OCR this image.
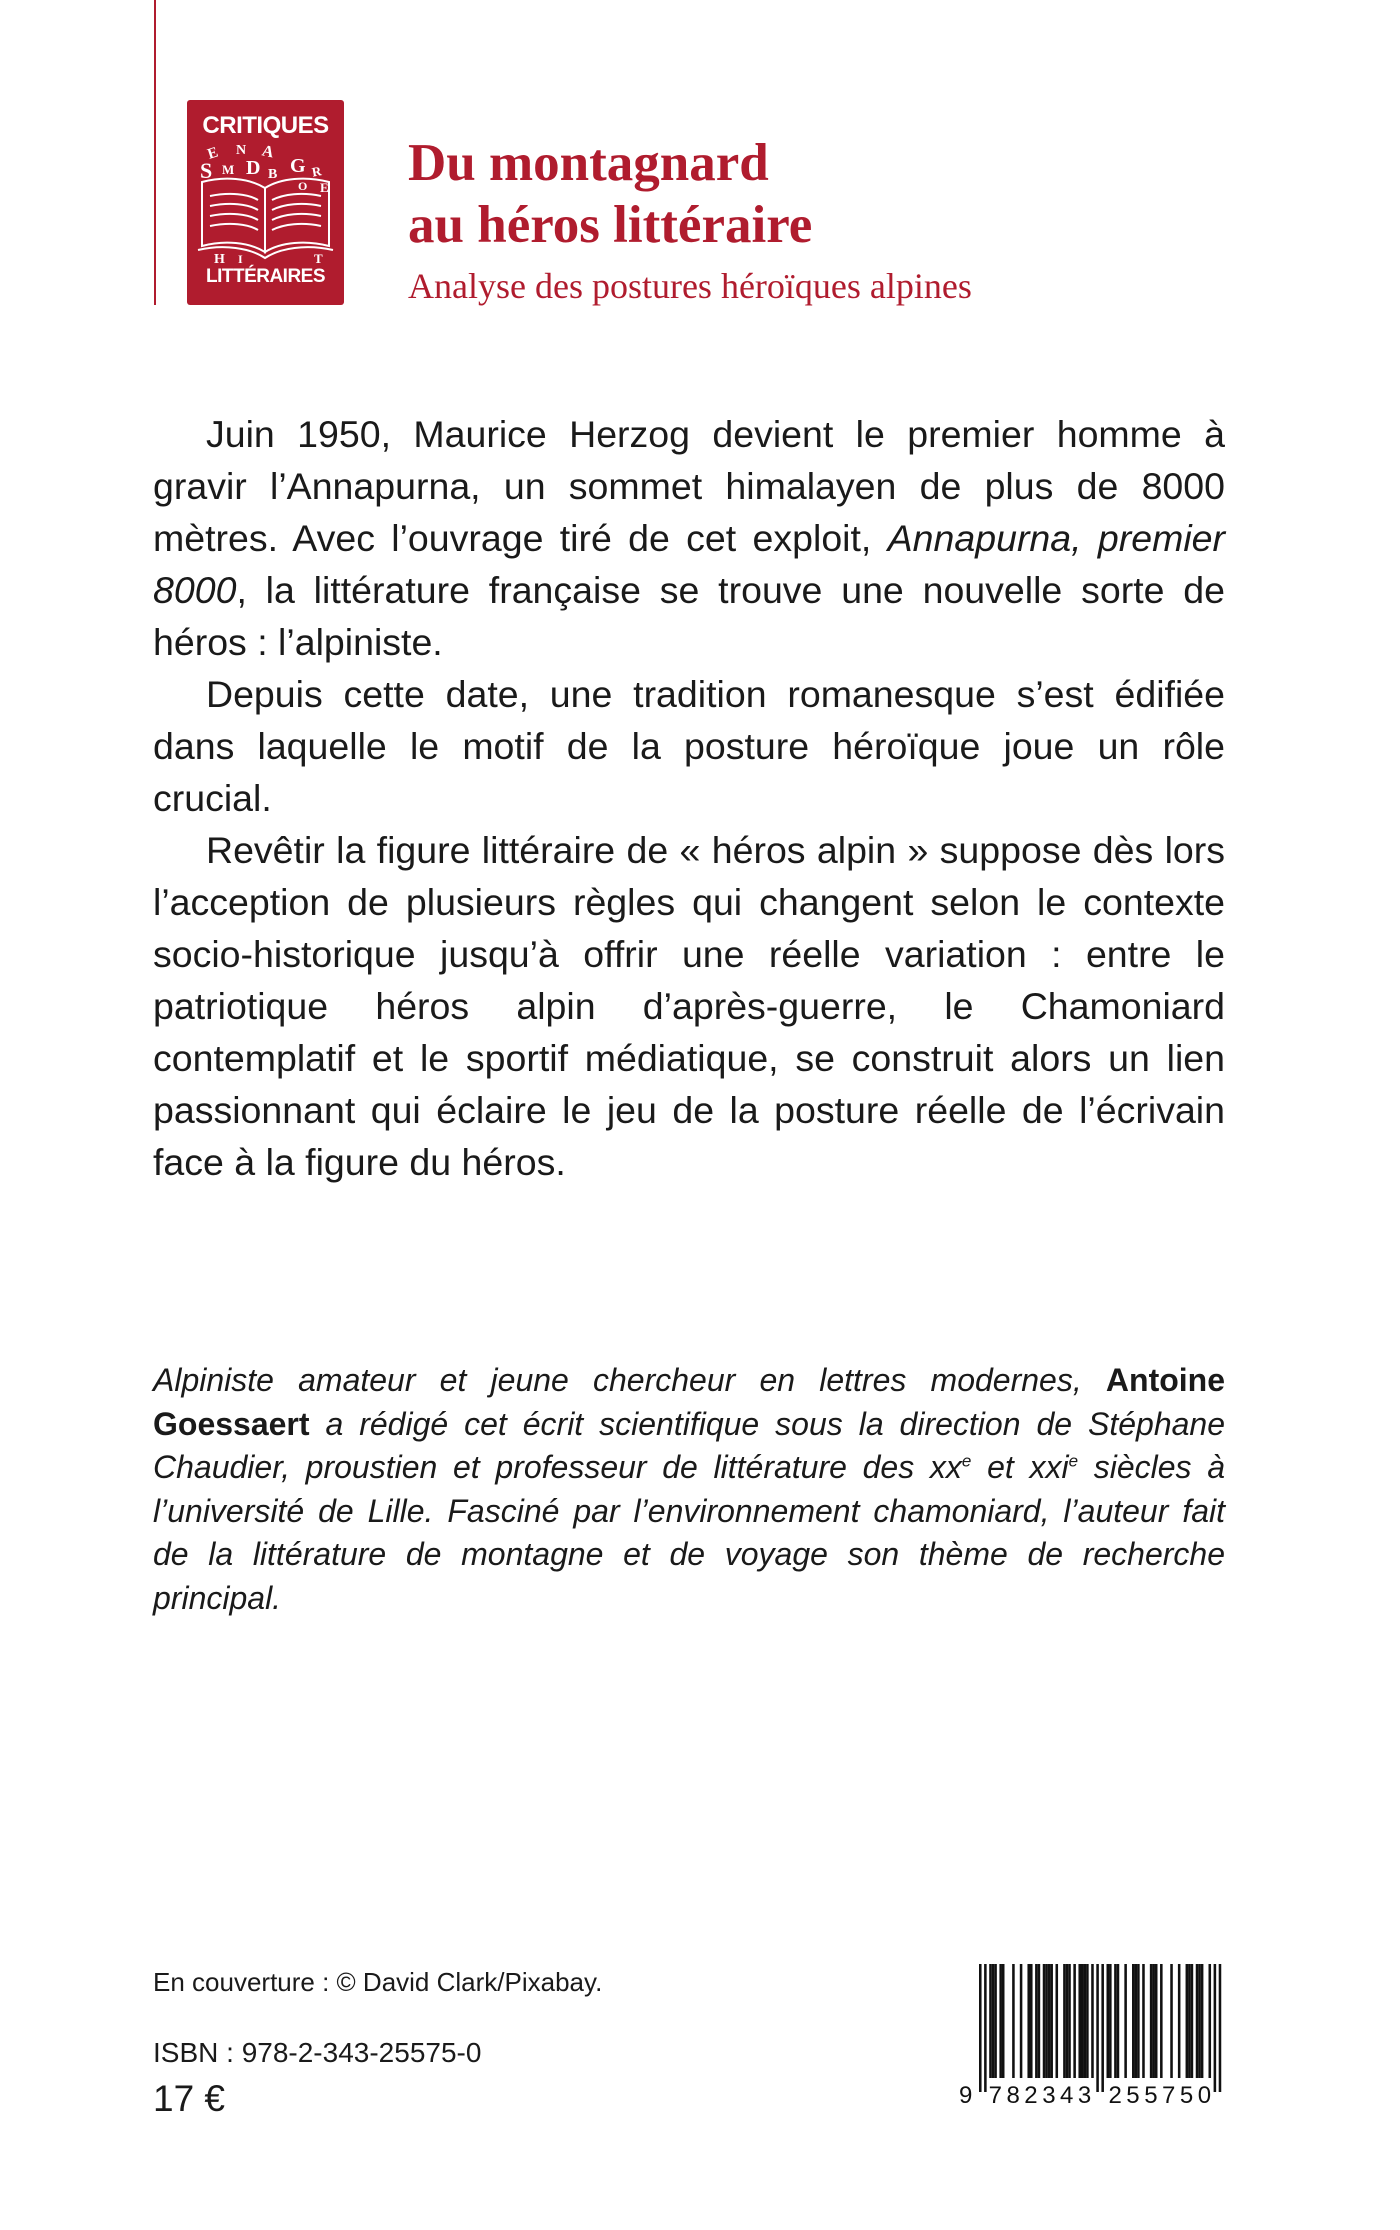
CRITIQUES
E N A
S M D B G R
O E
H I	T
LITTÉRAIRES
Du montagnard
au héros littéraire
Analyse des postures héroïques alpines

Juin 1950, Maurice Herzog devient le premier homme à gravir l’Annapurna, un sommet himalayen de plus de 8000 mètres. Avec l’ouvrage tiré de cet exploit, Annapurna, premier 8000, la littérature française se trouve une nouvelle sorte de héros : l’alpiniste.

Depuis cette date, une tradition romanesque s’est édifiée dans laquelle le motif de la posture héroïque joue un rôle crucial.

Revêtir la figure littéraire de « héros alpin » suppose dès lors l’acception de plusieurs règles qui changent selon le contexte socio-historique jusqu’à offrir une réelle variation : entre le patriotique héros alpin d’après-guerre, le Chamoniard contemplatif et le sportif médiatique, se construit alors un lien passionnant qui éclaire le jeu de la posture réelle de l’écrivain face à la figure du héros.

Alpiniste amateur et jeune chercheur en lettres modernes, Antoine Goessaert a rédigé cet écrit scientifique sous la direction de Stéphane Chaudier, proustien et professeur de littérature des $xx^e$ et xxi$^e$ siècles à l’université de Lille. Fasciné par l’environnement chamoniard, l’auteur fait de la littérature de montagne et de voyage son thème de recherche principal.
En couverture : © David Clark/Pixabay.
ISBN : 978-2-343-25575-0
17 €	9 7 8 2 3 4 3 2 5 5 7 5 0
